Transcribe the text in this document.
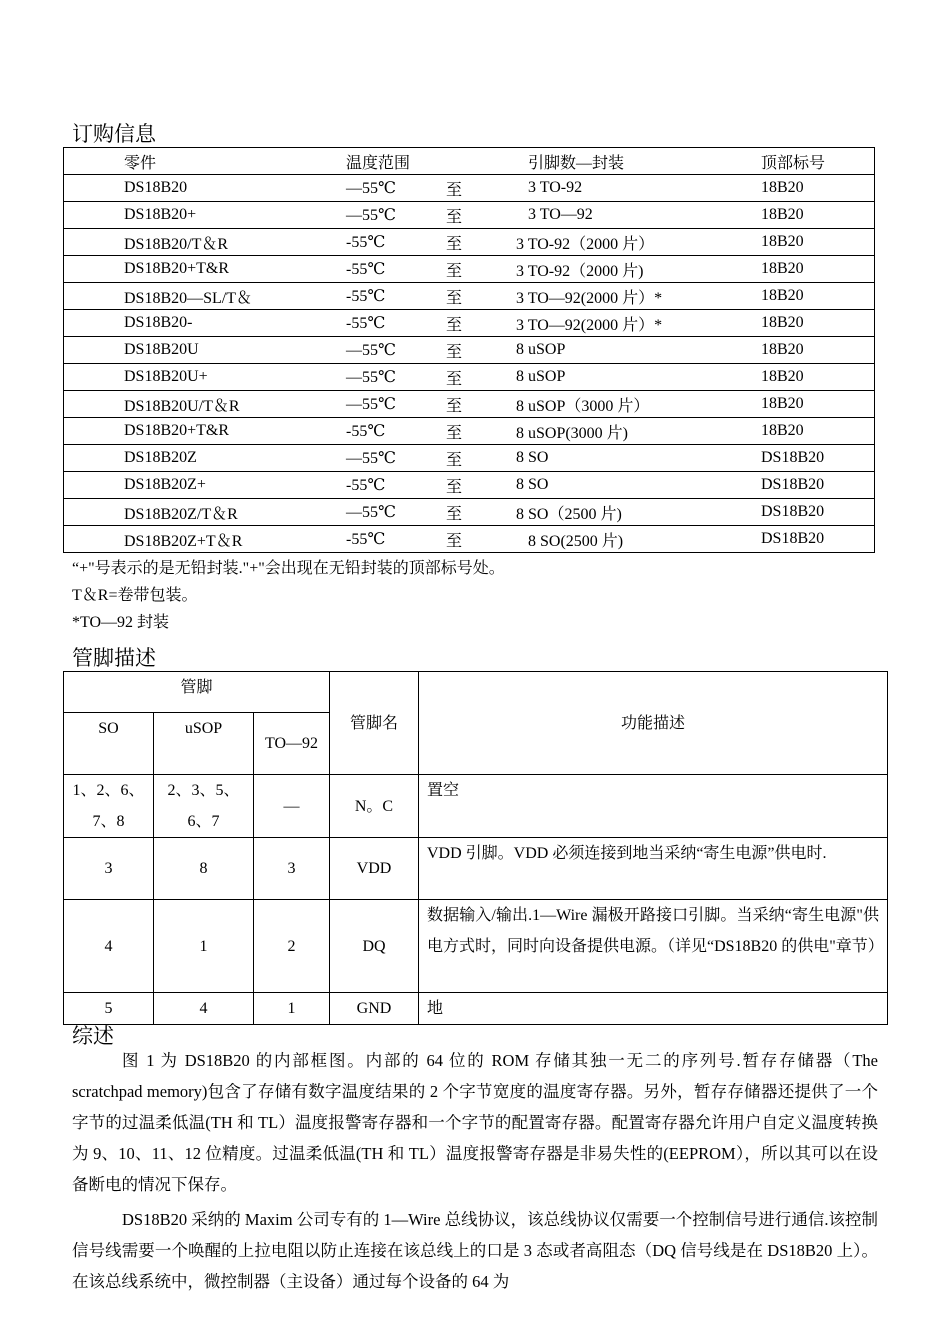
订购信息
零件	温度范围		引脚数—封装	顶部标号
DS18B20	—55℃	至	3 TO-92	18B20
DS18B20+	—55℃	至	3 TO—92	18B20
DS18B20/T＆R	-55℃	至	3 TO-92（2000 片）	18B20
DS18B20+T&R	-55℃	至	3 TO-92（2000 片)	18B20
DS18B20—SL/T＆	-55℃	至	3 TO—92(2000 片）*	18B20
DS18B20-	-55℃	至	3 TO—92(2000 片）*	18B20
DS18B20U	—55℃	至	8 uSOP	18B20
DS18B20U+	—55℃	至	8 uSOP	18B20
DS18B20U/T＆R	—55℃	至	8 uSOP（3000 片）	18B20
DS18B20+T&R	-55℃	至	8 uSOP(3000 片)	18B20
DS18B20Z	—55℃	至	8 SO	DS18B20
DS18B20Z+	-55℃	至	8 SO	DS18B20
DS18B20Z/T＆R	—55℃	至	8 SO（2500 片)	DS18B20
DS18B20Z+T＆R	-55℃	至	8 SO(2500 片)	DS18B20
“+"号表示的是无铅封装."+"会出现在无铅封装的顶部标号处。
T＆R=卷带包装。
*TO—92 封装
管脚描述
管脚			管脚名	功能描述
SO	uSOP	TO—92		
1、2、6、7、8	2、3、5、6、7	—	N。C	置空
3	8	3	VDD	VDD 引脚。VDD 必须连接到地当采纳“寄生电源”供电时.
4	1	2	DQ	数据输入/输出.1—Wire 漏极开路接口引脚。当采纳“寄生电源"供电方式时，同时向设备提供电源。（详见“DS18B20 的供电"章节）
5	4	1	GND	地
综述

图 1 为 DS18B20 的内部框图。内部的 64 位的 ROM 存储其独一无二的序列号.暂存存储器（The scratchpad memory)包含了存储有数字温度结果的 2 个字节宽度的温度寄存器。另外，暂存存储器还提供了一个字节的过温柔低温(TH 和 TL）温度报警寄存器和一个字节的配置寄存器。配置寄存器允许用户自定义温度转换为 9、10、11、12 位精度。过温柔低温(TH 和 TL）温度报警寄存器是非易失性的(EEPROM），所以其可以在设备断电的情况下保存。

DS18B20 采纳的 Maxim 公司专有的 1—Wire 总线协议，该总线协议仅需要一个控制信号进行通信.该控制信号线需要一个唤醒的上拉电阻以防止连接在该总线上的口是 3 态或者高阻态（DQ 信号线是在 DS18B20 上）。在该总线系统中，微控制器（主设备）通过每个设备的 64 为
